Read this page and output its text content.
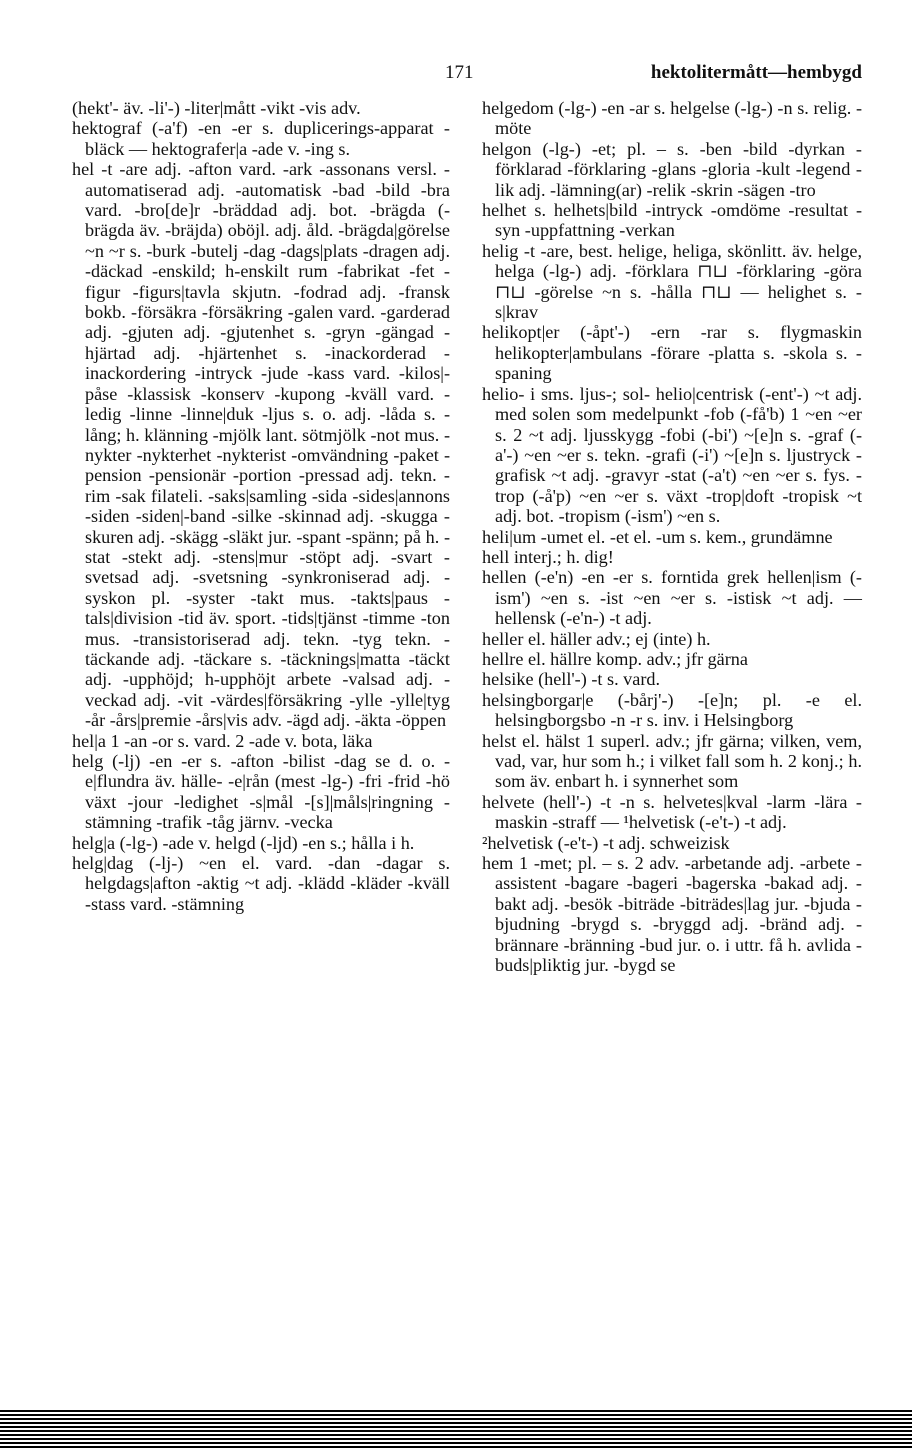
171	hektolitermått—hembygd

(hekt'- äv. -li'-) -liter|mått -vikt -vis adv.

hektograf (-a'f) -en -er s. duplicerings-apparat -bläck — hektografer|a -ade v. -ing s.

hel -t -are adj. -afton vard. -ark -assonans versl. -automatiserad adj. -automatisk -bad -bild -bra vard. -bro[de]r -bräddad adj. bot. -brägda (-brägda äv. -bräjda) oböjl. adj. åld. -brägda|görelse ~n ~r s. -burk -butelj -dag -dags|plats -dragen adj. -däckad -enskild; h-enskilt rum -fabrikat -fet -figur -figurs|tavla skjutn. -fodrad adj. -fransk bokb. -försäkra -försäkring -galen vard. -garderad adj. -gjuten adj. -gjutenhet s. -gryn -gängad -hjärtad adj. -hjärtenhet s. -inackorderad -inackordering -intryck -jude -kass vard. -kilos|-påse -klassisk -konserv -kupong -kväll vard. -ledig -linne -linne|duk -ljus s. o. adj. -låda s. -lång; h. klänning -mjölk lant. sötmjölk -not mus. -nykter -nykterhet -nykterist -omvändning -paket -pension -pensionär -portion -pressad adj. tekn. -rim -sak filateli. -saks|samling -sida -sides|annons -siden -siden|-band -silke -skinnad adj. -skugga -skuren adj. -skägg -släkt jur. -spant -spänn; på h. -stat -stekt adj. -stens|mur -stöpt adj. -svart -svetsad adj. -svetsning -synkroniserad adj. -syskon pl. -syster -takt mus. -takts|paus -tals|division -tid äv. sport. -tids|tjänst -timme -ton mus. -transistoriserad adj. tekn. -tyg tekn. -täckande adj. -täckare s. -täcknings|matta -täckt adj. -upphöjd; h-upphöjt arbete -valsad adj. -veckad adj. -vit -värdes|försäkring -ylle -ylle|tyg -år -års|premie -års|vis adv. -ägd adj. -äkta -öppen

hel|a 1 -an -or s. vard. 2 -ade v. bota, läka

helg (-lj) -en -er s. -afton -bilist -dag se d. o. -e|flundra äv. hälle- -e|rån (mest -lg-) -fri -frid -hö växt -jour -ledighet -s|mål -[s]|måls|ringning -stämning -trafik -tåg järnv. -vecka

helg|a (-lg-) -ade v. helgd (-ljd) -en s.; hålla i h.

helg|dag (-lj-) ~en el. vard. -dan -dagar s. helgdags|afton -aktig ~t adj. -klädd -kläder -kväll -stass vard. -stämning

helgedom (-lg-) -en -ar s. helgelse (-lg-) -n s. relig. -möte

helgon (-lg-) -et; pl. – s. -ben -bild -dyrkan -förklarad -förklaring -glans -gloria -kult -legend -lik adj. -lämning(ar) -relik -skrin -sägen -tro

helhet s. helhets|bild -intryck -omdöme -resultat -syn -uppfattning -verkan

helig -t -are, best. helige, heliga, skönlitt. äv. helge, helga (-lg-) adj. -förklara ⊓⊔ -förklaring -göra ⊓⊔ -görelse ~n s. -hålla ⊓⊔ — helighet s. -s|krav

helikopt|er (-åpt'-) -ern -rar s. flygmaskin helikopter|ambulans -förare -platta s. -skola s. -spaning

helio- i sms. ljus-; sol- helio|centrisk (-ent'-) ~t adj. med solen som medelpunkt -fob (-få'b) 1 ~en ~er s. 2 ~t adj. ljusskygg -fobi (-bi') ~[e]n s. -graf (-a'-) ~en ~er s. tekn. -grafi (-i') ~[e]n s. ljustryck -grafisk ~t adj. -gravyr -stat (-a't) ~en ~er s. fys. -trop (-å'p) ~en ~er s. växt -trop|doft -tropisk ~t adj. bot. -tropism (-ism') ~en s.

heli|um -umet el. -et el. -um s. kem., grundämne

hell interj.; h. dig!

hellen (-e'n) -en -er s. forntida grek hellen|ism (-ism') ~en s. -ist ~en ~er s. -istisk ~t adj. — hellensk (-e'n-) -t adj.

heller el. häller adv.; ej (inte) h.

hellre el. hällre komp. adv.; jfr gärna

helsike (hell'-) -t s. vard.

helsingborgar|e (-bårj'-) -[e]n; pl. -e el. helsingborgsbo -n -r s. inv. i Helsingborg

helst el. hälst 1 superl. adv.; jfr gärna; vilken, vem, vad, var, hur som h.; i vilket fall som h. 2 konj.; h. som äv. enbart h. i synnerhet som

helvete (hell'-) -t -n s. helvetes|kval -larm -lära -maskin -straff — ¹helvetisk (-e't-) -t adj.

²helvetisk (-e't-) -t adj. schweizisk

hem 1 -met; pl. – s. 2 adv. -arbetande adj. -arbete -assistent -bagare -bageri -bagerska -bakad adj. -bakt adj. -besök -biträde -biträdes|lag jur. -bjuda -bjudning -brygd s. -bryggd adj. -bränd adj. -brännare -bränning -bud jur. o. i uttr. få h. avlida -buds|pliktig jur. -bygd se
